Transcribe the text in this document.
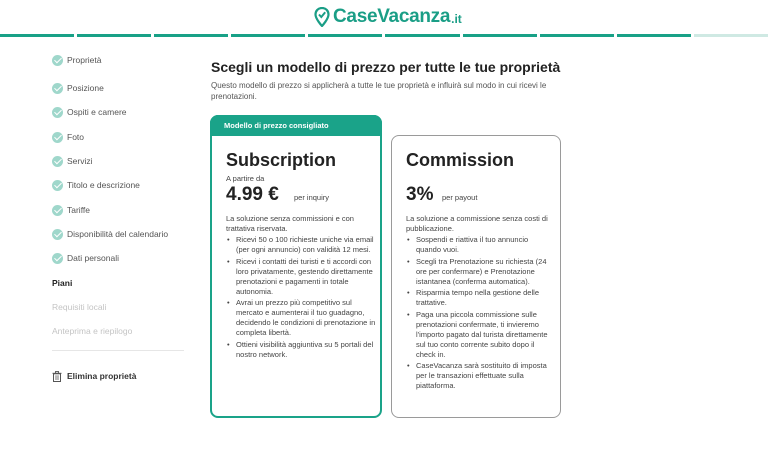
CaseVacanza .it
Proprietà
Posizione
Ospiti e camere
Foto
Servizi
Titolo e descrizione
Tariffe
Disponibilità del calendario
Dati personali
Piani
Requisiti locali
Anteprima e riepilogo
Elimina proprietà
Scegli un modello di prezzo per tutte le tue proprietà

Questo modello di prezzo si applicherà a tutte le tue proprietà e influirà sul modo in cui ricevi le prenotazioni.

Modello di prezzo consigliato
Subscription
A partire da
4.99 € per inquiry

La soluzione senza commissioni e con trattativa riservata.

• Ricevi 50 o 100 richieste uniche via email (per ogni annuncio) con validità 12 mesi.
• Ricevi i contatti dei turisti e ti accordi con loro privatamente, gestendo direttamente prenotazioni e pagamenti in totale autonomia.
• Avrai un prezzo più competitivo sul mercato e aumenterai il tuo guadagno, decidendo le condizioni di prenotazione in completa libertà.
• Ottieni visibilità aggiuntiva su 5 portali del nostro network.
Commission
3% per payout

La soluzione a commissione senza costi di pubblicazione.

• Sospendi e riattiva il tuo annuncio quando vuoi.
• Scegli tra Prenotazione su richiesta (24 ore per confermare) e Prenotazione istantanea (conferma automatica).
• Risparmia tempo nella gestione delle trattative.
• Paga una piccola commissione sulle prenotazioni confermate, ti invieremo l'importo pagato dal turista direttamente sul tuo conto corrente subito dopo il check in.
• CaseVacanza sarà sostituito di imposta per le transazioni effettuate sulla piattaforma.
